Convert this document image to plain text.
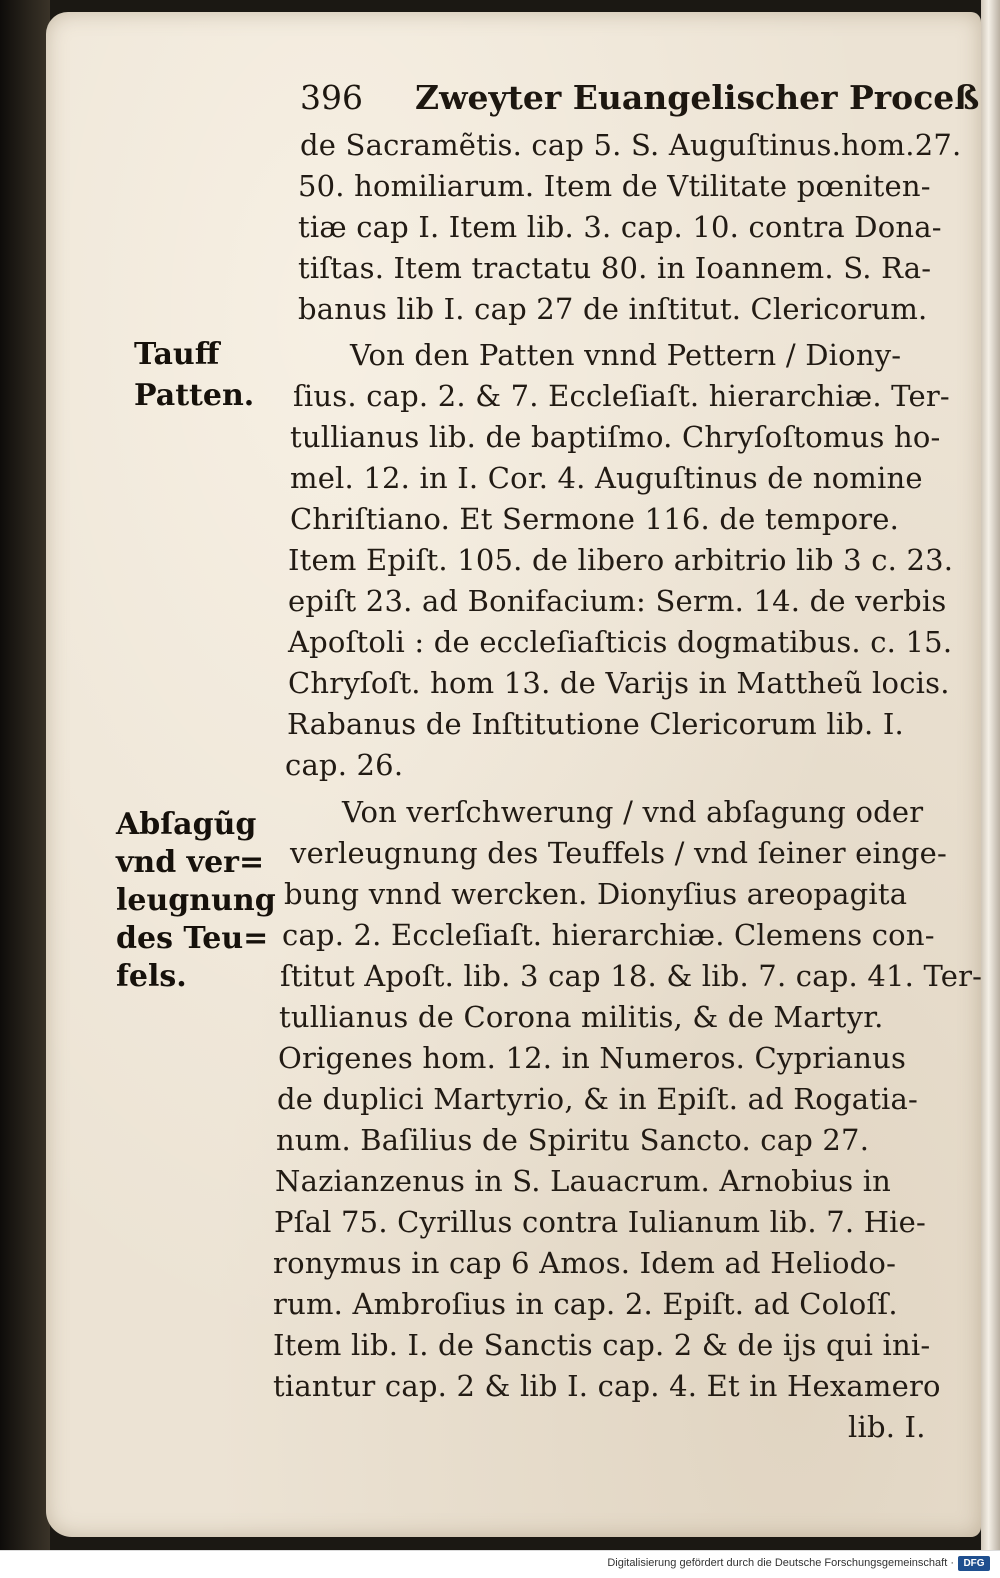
396 Zweyter Euangelischer Proceß
Tauff
Patten.
Abſagũg
vnd ver=
leugnung
des Teu=
fels.
de Sacramẽtis. cap 5. S. Auguſtinus.hom.27.
50. homiliarum. Item de Vtilitate pœniten-
tiæ cap I. Item lib. 3. cap. 10. contra Dona-
tiſtas. Item tractatu 80. in Ioannem. S. Ra-
banus lib I. cap 27 de inſtitut. Clericorum.
Von den Patten vnnd Pettern / Diony-
ſius. cap. 2. & 7. Eccleſiaſt. hierarchiæ. Ter-
tullianus lib. de baptiſmo. Chryſoſtomus ho-
mel. 12. in I. Cor. 4. Auguſtinus de nomine
Chriſtiano. Et Sermone 116. de tempore.
Item Epiſt. 105. de libero arbitrio lib 3 c. 23.
epiſt 23. ad Bonifacium: Serm. 14. de verbis
Apoſtoli : de eccleſiaſticis dogmatibus. c. 15.
Chryſoſt. hom 13. de Varijs in Mattheũ locis.
Rabanus de Inſtitutione Clericorum lib. I.
cap. 26.
Von verſchwerung / vnd abſagung oder
verleugnung des Teuffels / vnd ſeiner einge-
bung vnnd wercken. Dionyſius areopagita
cap. 2. Eccleſiaſt. hierarchiæ. Clemens con-
ſtitut Apoſt. lib. 3 cap 18. & lib. 7. cap. 41. Ter-
tullianus de Corona militis, & de Martyr.
Origenes hom. 12. in Numeros. Cyprianus
de duplici Martyrio, & in Epiſt. ad Rogatia-
num. Baſilius de Spiritu Sancto. cap 27.
Nazianzenus in S. Lauacrum. Arnobius in
Pſal 75. Cyrillus contra Iulianum lib. 7. Hie-
ronymus in cap 6 Amos. Idem ad Heliodo-
rum. Ambroſius in cap. 2. Epiſt. ad Coloſſ.
Item lib. I. de Sanctis cap. 2 & de ijs qui ini-
tiantur cap. 2 & lib I. cap. 4. Et in Hexamero
lib. I.
Digitalisierung gefördert durch die Deutsche Forschungsgemeinschaft · DFG
